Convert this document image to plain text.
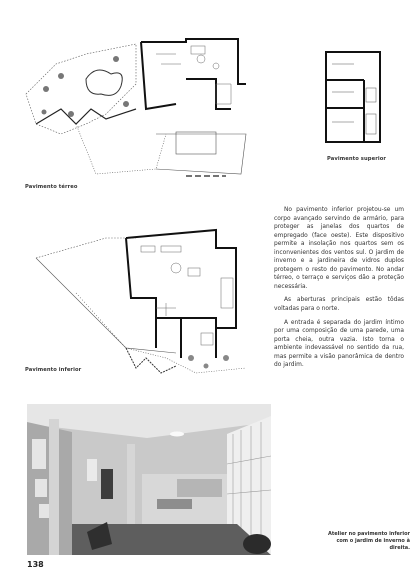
Pavimento térreo
Pavimento superior
Pavimento inferior

No pavimento inferior projetou-se um corpo avançado servindo de armário, para proteger as janelas dos quartos de empregado (face oeste). Este dispositivo permite a insolação nos quartos sem os inconvenientes dos ventos sul. O jardim de inverno e a jardineira de vidros duplos protegem o resto do pavimento. No andar térreo, o terraço e serviços dão a proteção necessária.

As aberturas principais estão tôdas voltadas para o norte.

A entrada é separada do jardim íntimo por uma composição de uma parede, uma porta cheia, outra vazia. Isto torna o ambiente indevassável no sentido da rua, mas permite a visão panorâmica de dentro do jardim.

Atelier no pavimento inferior com o jardim de inverno à direita.
138
